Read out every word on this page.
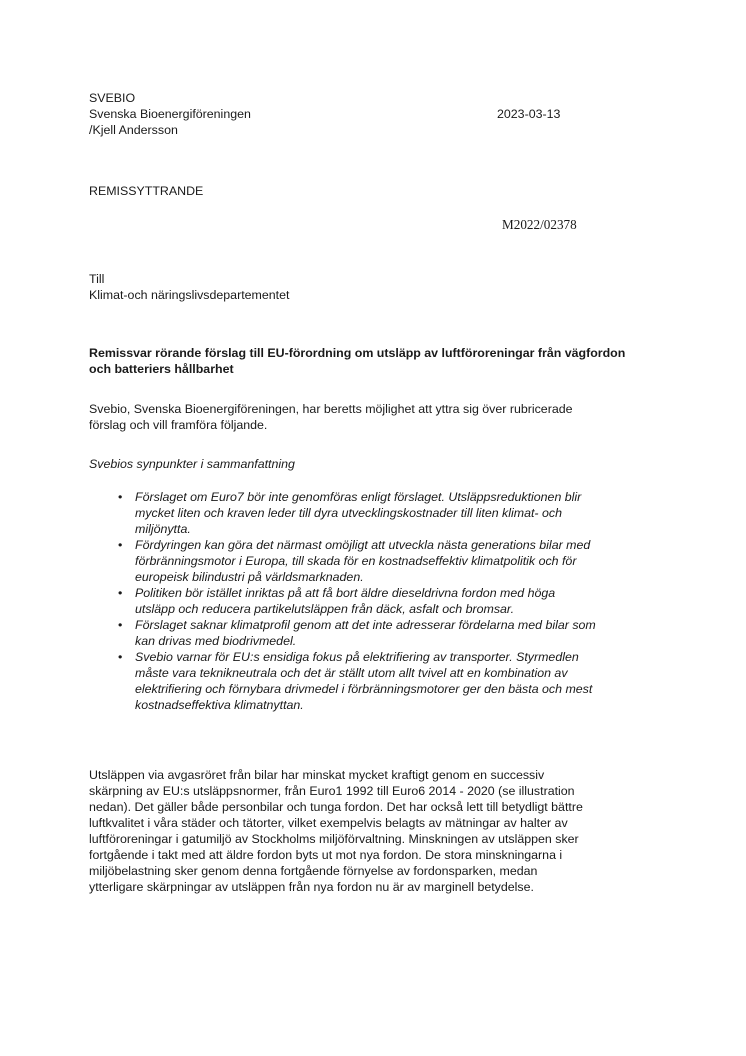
SVEBIO
Svenska Bioenergiföreningen
/Kjell Andersson
2023-03-13
REMISSYTTRANDE
M2022/02378
Till
Klimat-och näringslivsdepartementet
Remissvar rörande förslag till EU-förordning om utsläpp av luftföroreningar från vägfordon
och batteriers hållbarhet
Svebio, Svenska Bioenergiföreningen, har beretts möjlighet att yttra sig över rubricerade
förslag och vill framföra följande.
Svebios synpunkter i sammanfattning
• Förslaget om Euro7 bör inte genomföras enligt förslaget. Utsläppsreduktionen blir
mycket liten och kraven leder till dyra utvecklingskostnader till liten klimat- och
miljönytta.
• Fördyringen kan göra det närmast omöjligt att utveckla nästa generations bilar med
förbränningsmotor i Europa, till skada för en kostnadseffektiv klimatpolitik och för
europeisk bilindustri på världsmarknaden.
• Politiken bör istället inriktas på att få bort äldre dieseldrivna fordon med höga
utsläpp och reducera partikelutsläppen från däck, asfalt och bromsar.
• Förslaget saknar klimatprofil genom att det inte adresserar fördelarna med bilar som
kan drivas med biodrivmedel.
• Svebio varnar för EU:s ensidiga fokus på elektrifiering av transporter. Styrmedlen
måste vara teknikneutrala och det är ställt utom allt tvivel att en kombination av
elektrifiering och förnybara drivmedel i förbränningsmotorer ger den bästa och mest
kostnadseffektiva klimatnyttan.
Utsläppen via avgasröret från bilar har minskat mycket kraftigt genom en successiv
skärpning av EU:s utsläppsnormer, från Euro1 1992 till Euro6 2014 - 2020 (se illustration
nedan). Det gäller både personbilar och tunga fordon. Det har också lett till betydligt bättre
luftkvalitet i våra städer och tätorter, vilket exempelvis belagts av mätningar av halter av
luftföroreningar i gatumiljö av Stockholms miljöförvaltning. Minskningen av utsläppen sker
fortgående i takt med att äldre fordon byts ut mot nya fordon. De stora minskningarna i
miljöbelastning sker genom denna fortgående förnyelse av fordonsparken, medan
ytterligare skärpningar av utsläppen från nya fordon nu är av marginell betydelse.
